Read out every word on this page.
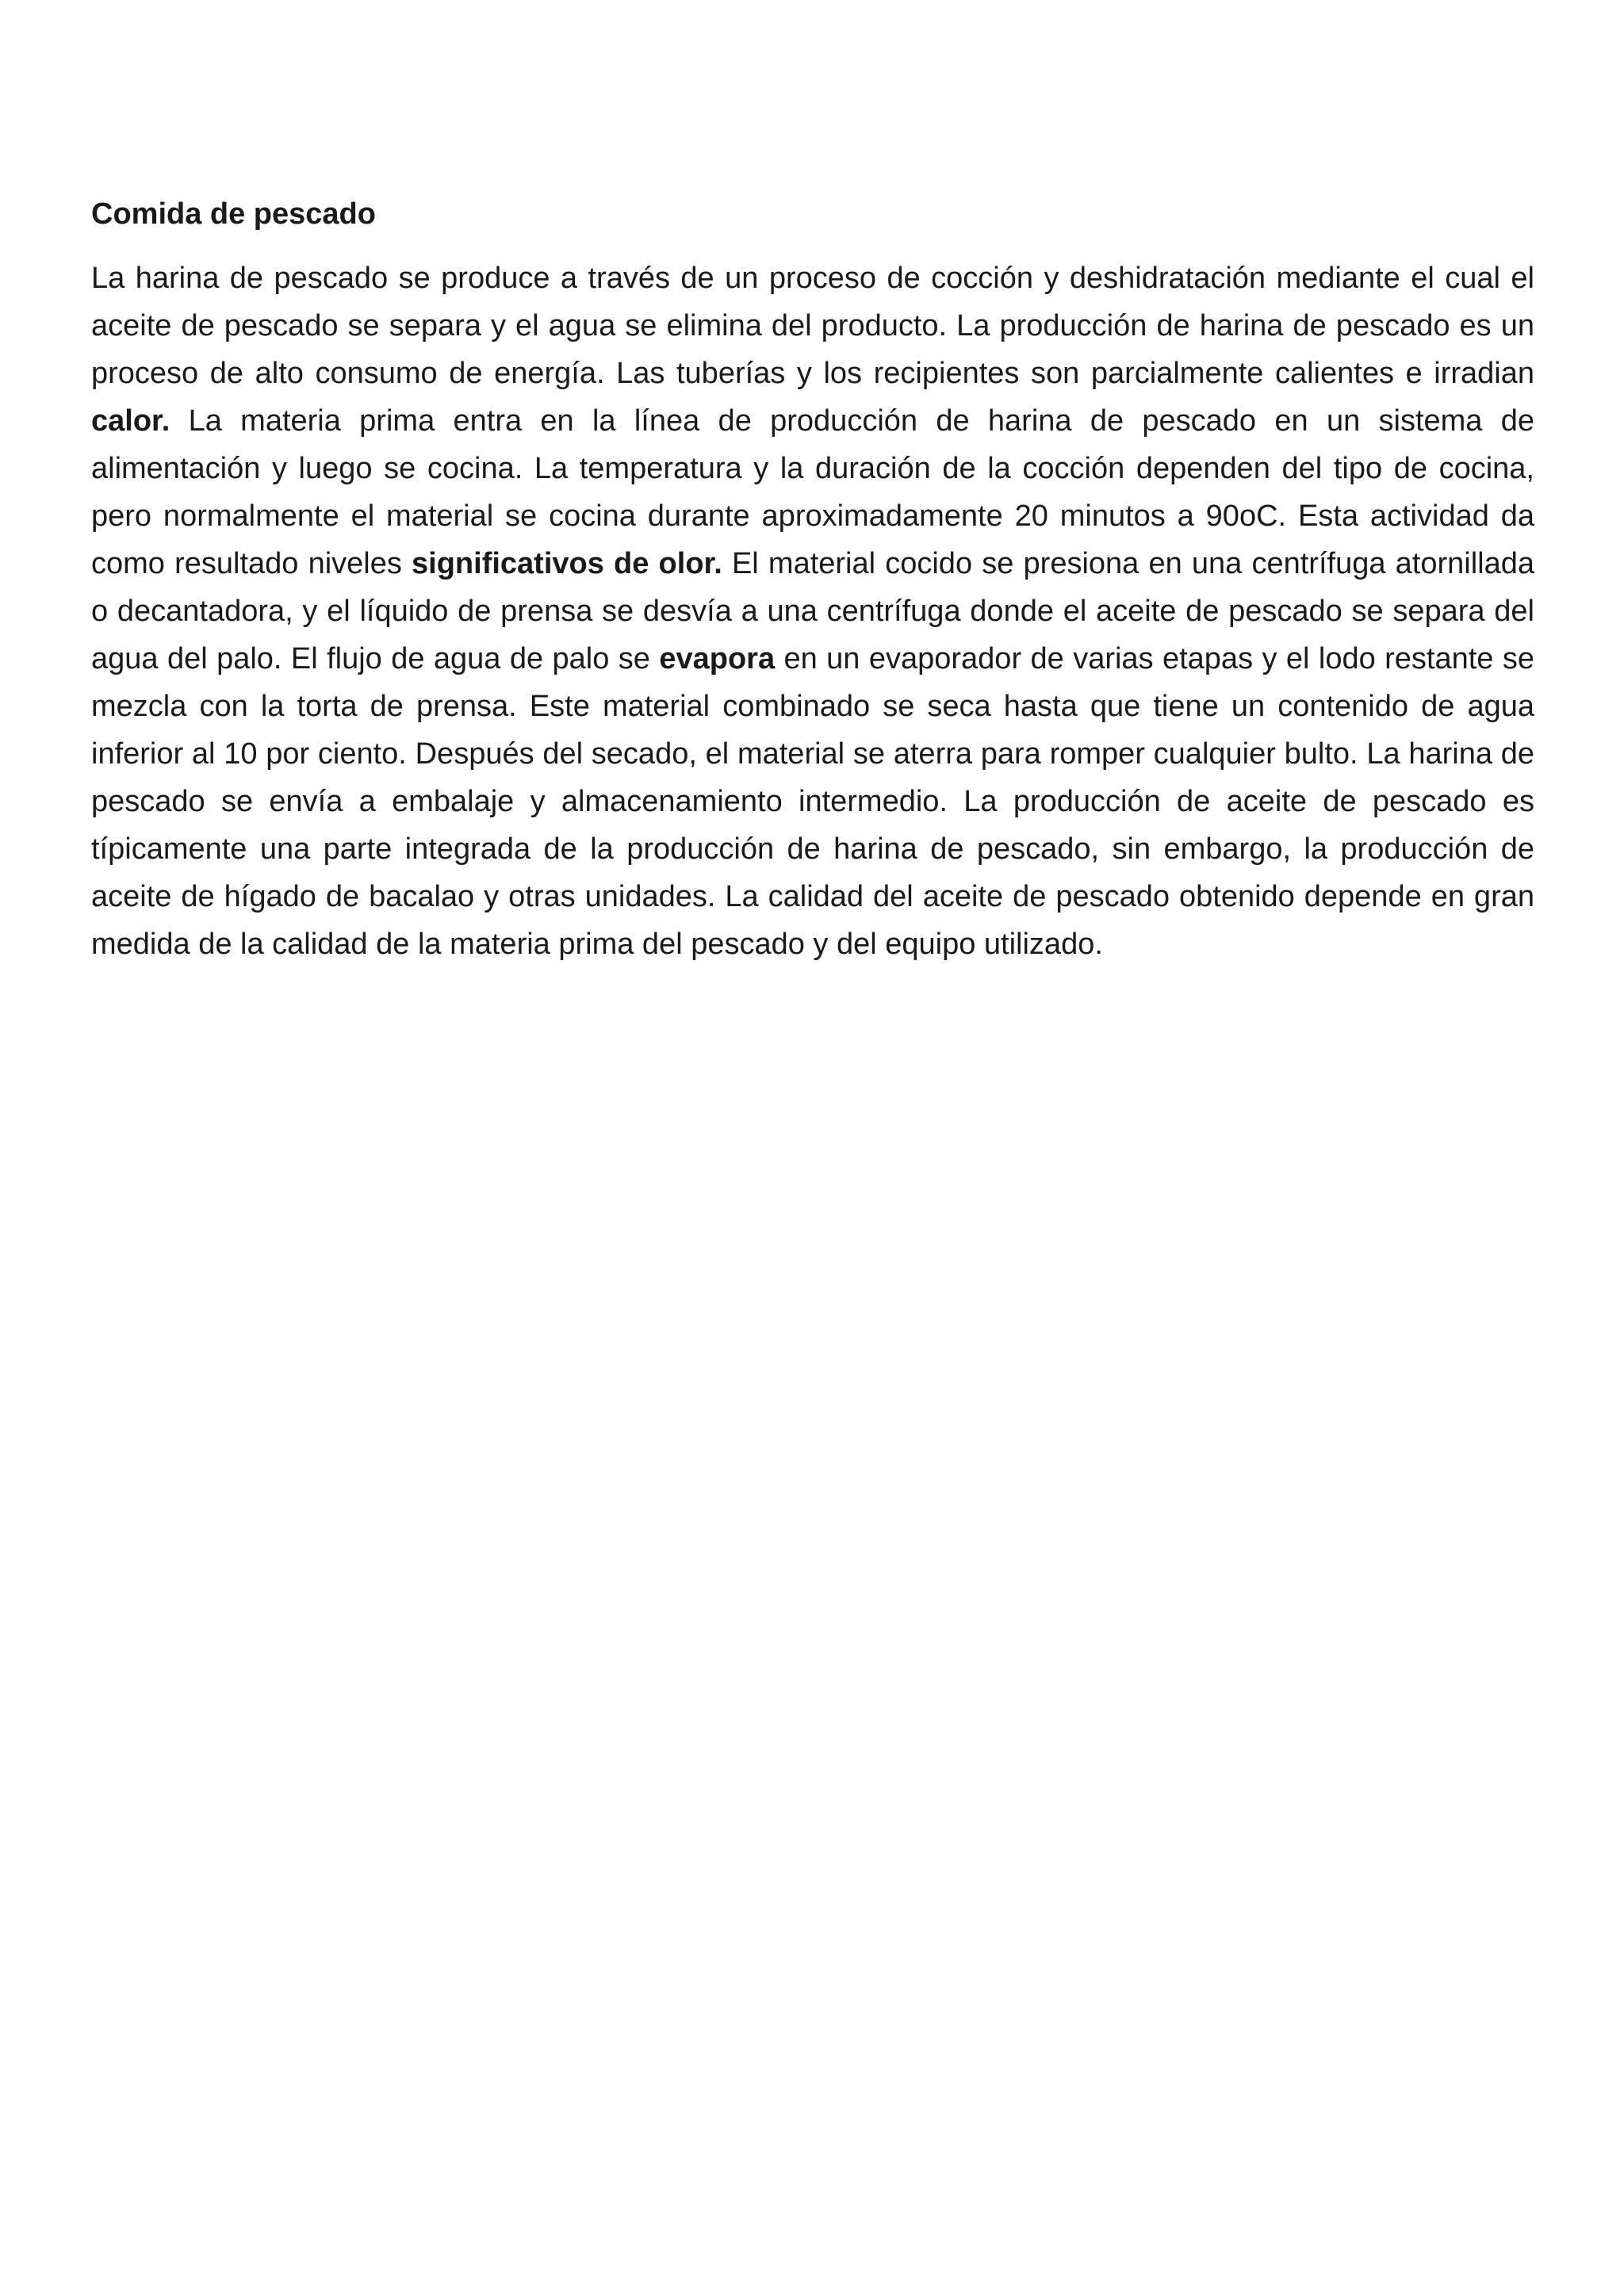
Comida de pescado

La harina de pescado se produce a través de un proceso de cocción y deshidratación mediante el cual el aceite de pescado se separa y el agua se elimina del producto. La producción de harina de pescado es un proceso de alto consumo de energía. Las tuberías y los recipientes son parcialmente calientes e irradian calor. La materia prima entra en la línea de producción de harina de pescado en un sistema de alimentación y luego se cocina. La temperatura y la duración de la cocción dependen del tipo de cocina, pero normalmente el material se cocina durante aproximadamente 20 minutos a 90oC. Esta actividad da como resultado niveles significativos de olor. El material cocido se presiona en una centrífuga atornillada o decantadora, y el líquido de prensa se desvía a una centrífuga donde el aceite de pescado se separa del agua del palo. El flujo de agua de palo se evapora en un evaporador de varias etapas y el lodo restante se mezcla con la torta de prensa. Este material combinado se seca hasta que tiene un contenido de agua inferior al 10 por ciento. Después del secado, el material se aterra para romper cualquier bulto. La harina de pescado se envía a embalaje y almacenamiento intermedio. La producción de aceite de pescado es típicamente una parte integrada de la producción de harina de pescado, sin embargo, la producción de aceite de hígado de bacalao y otras unidades. La calidad del aceite de pescado obtenido depende en gran medida de la calidad de la materia prima del pescado y del equipo utilizado.
